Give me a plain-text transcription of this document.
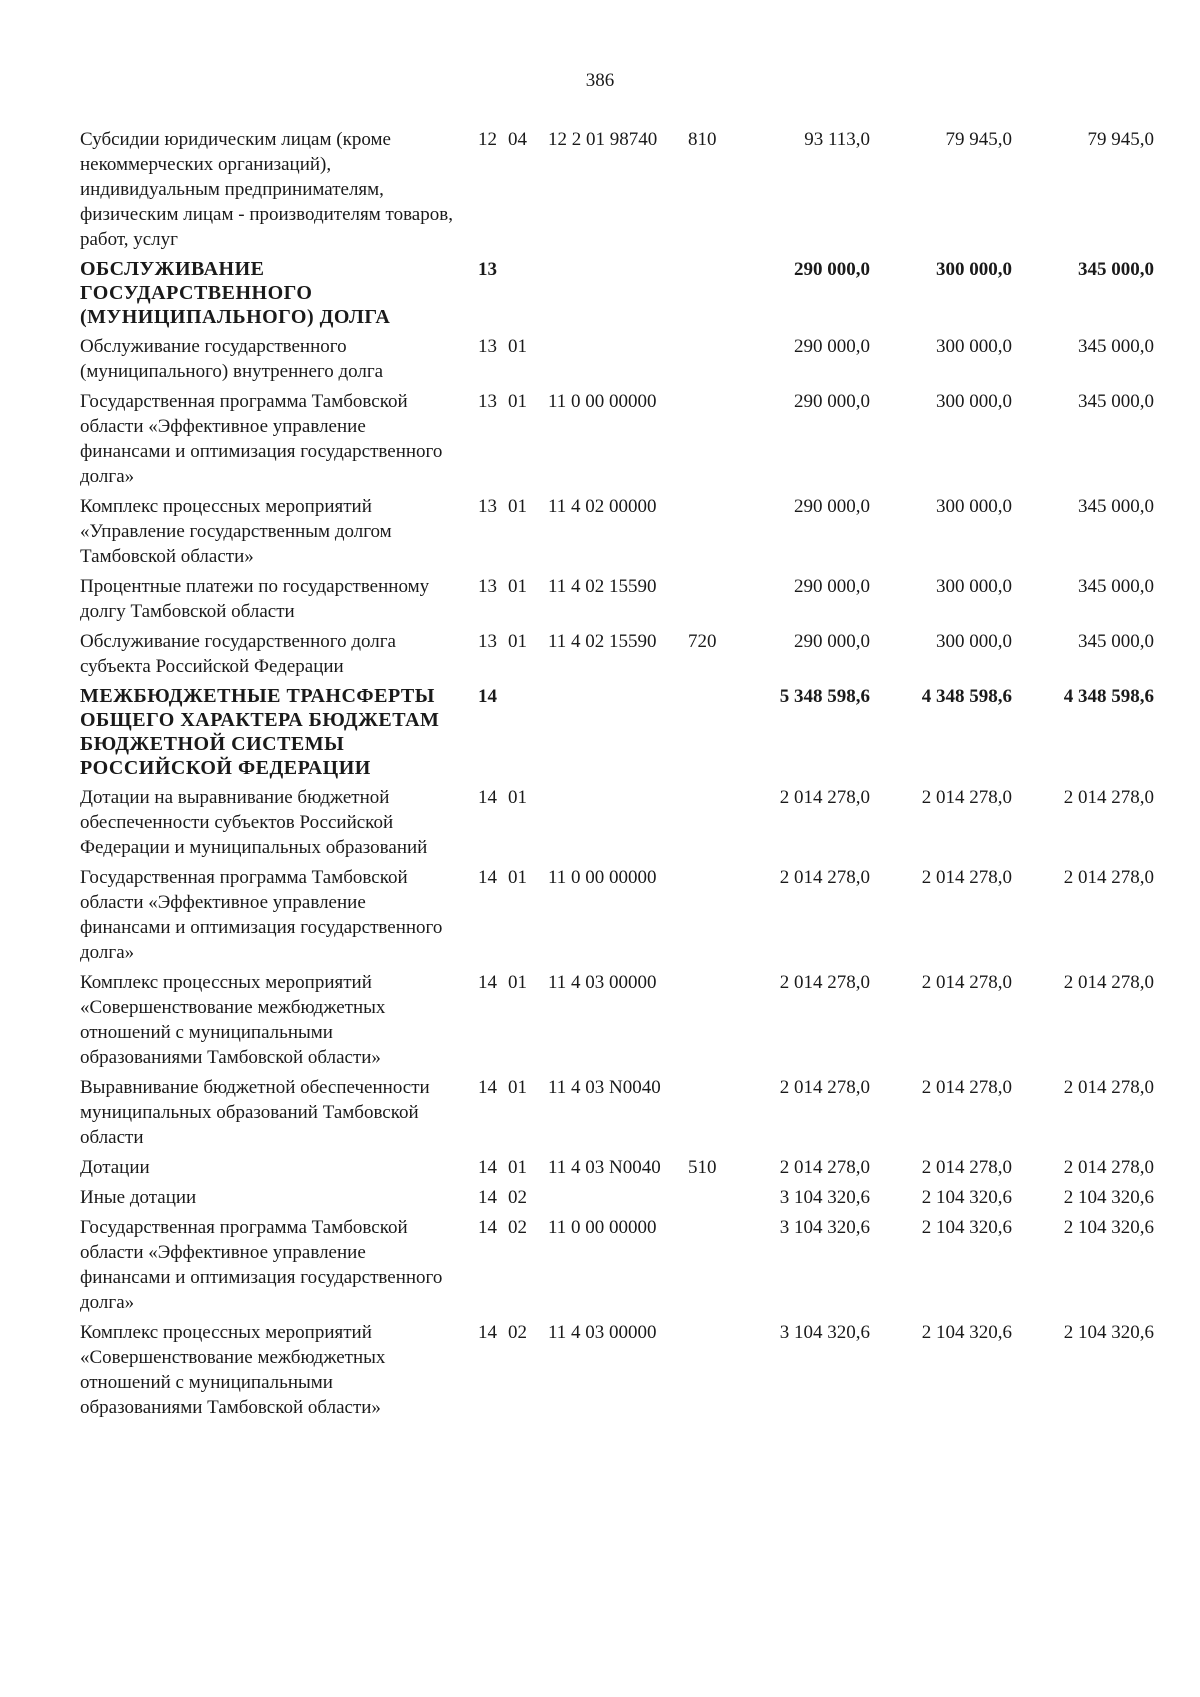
386
Субсидии юридическим лицам (кроме некоммерческих организаций), индивидуальным предпринимателям, физическим лицам - производителям товаров, работ, услуг
12 04	12 2 01 98740	810	93 113,0	79 945,0	79 945,0
ОБСЛУЖИВАНИЕ ГОСУДАРСТВЕННОГО (МУНИЦИПАЛЬНОГО) ДОЛГА
13	290 000,0	300 000,0	345 000,0
Обслуживание государственного (муниципального) внутреннего долга
13 01	290 000,0	300 000,0	345 000,0
Государственная программа Тамбовской области «Эффективное управление финансами и оптимизация государственного долга»
13 01	11 0 00 00000	290 000,0	300 000,0	345 000,0
Комплекс процессных мероприятий «Управление государственным долгом Тамбовской области»
13 01	11 4 02 00000	290 000,0	300 000,0	345 000,0
Процентные платежи по государственному долгу Тамбовской области
13 01	11 4 02 15590	290 000,0	300 000,0	345 000,0
Обслуживание государственного долга субъекта Российской Федерации
13 01	11 4 02 15590	720	290 000,0	300 000,0	345 000,0
МЕЖБЮДЖЕТНЫЕ ТРАНСФЕРТЫ ОБЩЕГО ХАРАКТЕРА БЮДЖЕТАМ БЮДЖЕТНОЙ СИСТЕМЫ РОССИЙСКОЙ ФЕДЕРАЦИИ
14	5 348 598,6	4 348 598,6	4 348 598,6
Дотации на выравнивание бюджетной обеспеченности субъектов Российской Федерации и муниципальных образований
14 01	2 014 278,0	2 014 278,0	2 014 278,0
Государственная программа Тамбовской области «Эффективное управление финансами и оптимизация государственного долга»
14 01	11 0 00 00000	2 014 278,0	2 014 278,0	2 014 278,0
Комплекс процессных мероприятий «Совершенствование межбюджетных отношений с муниципальными образованиями Тамбовской области»
14 01	11 4 03 00000	2 014 278,0	2 014 278,0	2 014 278,0
Выравнивание бюджетной обеспеченности муниципальных образований Тамбовской области
14 01	11 4 03 N0040	2 014 278,0	2 014 278,0	2 014 278,0
Дотации	14 01	11 4 03 N0040	510	2 014 278,0	2 014 278,0	2 014 278,0
Иные дотации	14 02	3 104 320,6	2 104 320,6	2 104 320,6
Государственная программа Тамбовской области «Эффективное управление финансами и оптимизация государственного долга»
14 02	11 0 00 00000	3 104 320,6	2 104 320,6	2 104 320,6
Комплекс процессных мероприятий «Совершенствование межбюджетных отношений с муниципальными образованиями Тамбовской области»
14 02	11 4 03 00000	3 104 320,6	2 104 320,6	2 104 320,6
